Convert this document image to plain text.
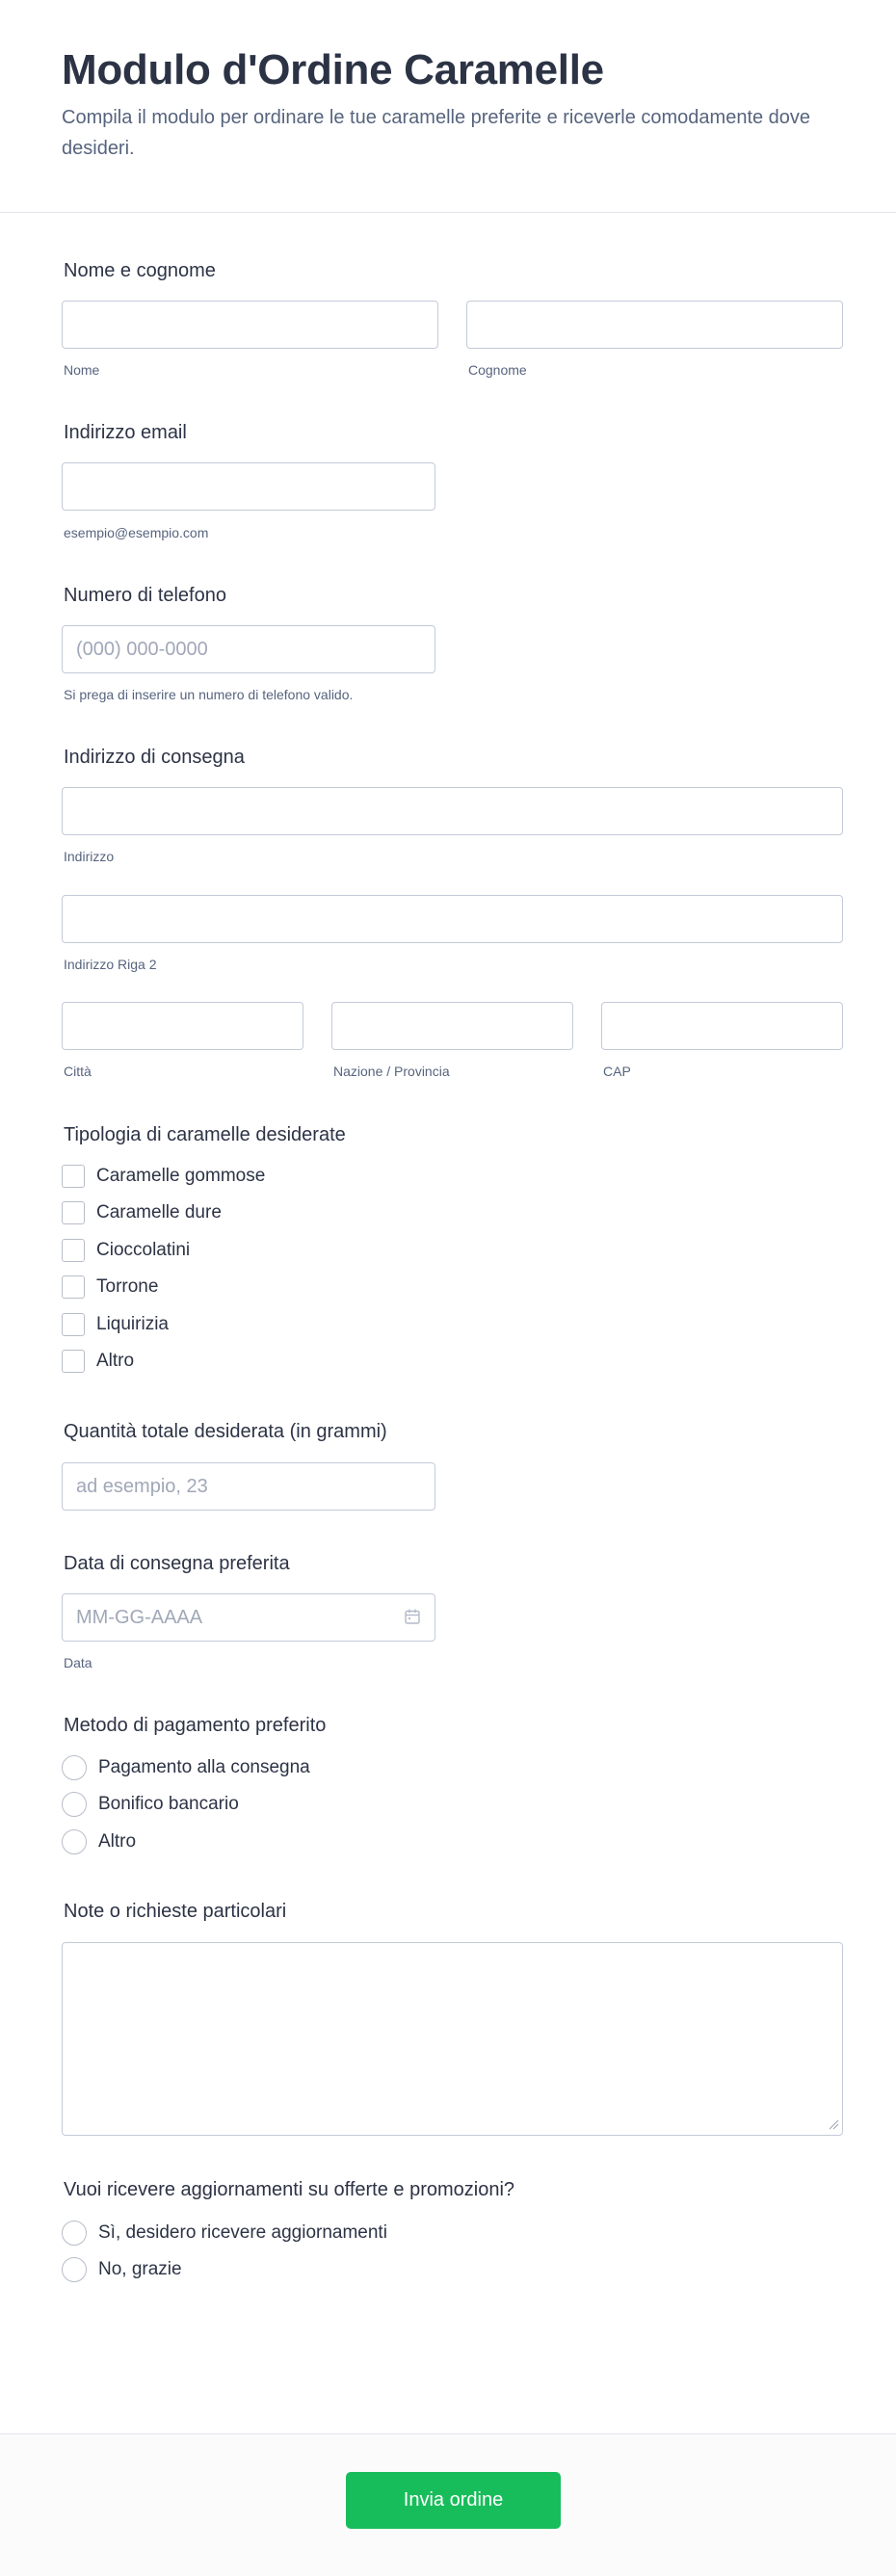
Modulo d'Ordine Caramelle

Compila il modulo per ordinare le tue caramelle preferite e riceverle comodamente dove desideri.

Nome e cognome
Nome	Cognome
Indirizzo email
esempio@esempio.com
Numero di telefono
(000) 000-0000
Si prega di inserire un numero di telefono valido.
Indirizzo di consegna
Indirizzo
Indirizzo Riga 2
Città	Nazione / Provincia	CAP
Tipologia di caramelle desiderate
Caramelle gommose
Caramelle dure
Cioccolatini
Torrone
Liquirizia
Altro
Quantità totale desiderata (in grammi)
ad esempio, 23
Data di consegna preferita
MM-GG-AAAA
Data
Metodo di pagamento preferito
Pagamento alla consegna
Bonifico bancario
Altro
Note o richieste particolari
Vuoi ricevere aggiornamenti su offerte e promozioni?
Sì, desidero ricevere aggiornamenti
No, grazie
Invia ordine
